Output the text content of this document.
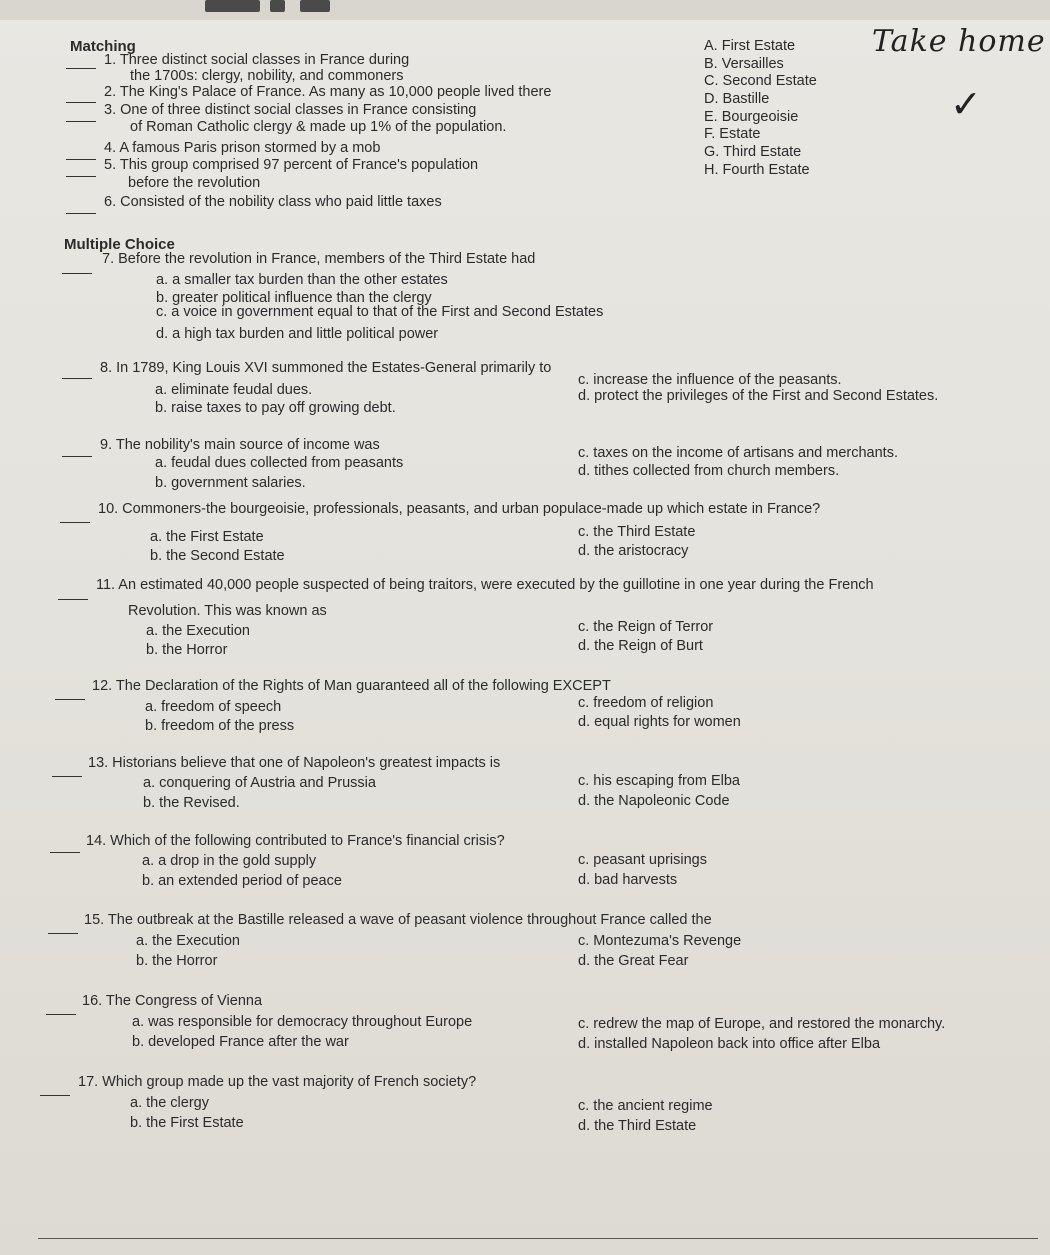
Matching
1. Three distinct social classes in France during
the 1700s: clergy, nobility, and commoners
2. The King's Palace of France. As many as 10,000 people lived there
3. One of three distinct social classes in France consisting
of Roman Catholic clergy & made up 1% of the population.
4. A famous Paris prison stormed by a mob
5. This group comprised 97 percent of France's population
before the revolution
6. Consisted of the nobility class who paid little taxes
A. First Estate
B. Versailles
C. Second Estate
D. Bastille
E. Bourgeoisie
F. Estate
G. Third Estate
H. Fourth Estate
Take home
✓
Multiple Choice
7. Before the revolution in France, members of the Third Estate had
a. a smaller tax burden than the other estates
b. greater political influence than the clergy
c. a voice in government equal to that of the First and Second Estates
d. a high tax burden and little political power
8. In 1789, King Louis XVI summoned the Estates-General primarily to
a. eliminate feudal dues.
b. raise taxes to pay off growing debt.
c. increase the influence of the peasants.
d. protect the privileges of the First and Second Estates.
9. The nobility's main source of income was
a. feudal dues collected from peasants
b. government salaries.
c. taxes on the income of artisans and merchants.
d. tithes collected from church members.
10. Commoners-the bourgeoisie, professionals, peasants, and urban populace-made up which estate in France?
a. the First Estate
b. the Second Estate
c. the Third Estate
d. the aristocracy
11. An estimated 40,000 people suspected of being traitors, were executed by the guillotine in one year during the French
Revolution. This was known as
a. the Execution
b. the Horror
c. the Reign of Terror
d. the Reign of Burt
12. The Declaration of the Rights of Man guaranteed all of the following EXCEPT
a. freedom of speech
b. freedom of the press
c. freedom of religion
d. equal rights for women
13. Historians believe that one of Napoleon's greatest impacts is
a. conquering of Austria and Prussia
b. the Revised.
c. his escaping from Elba
d. the Napoleonic Code
14. Which of the following contributed to France's financial crisis?
a. a drop in the gold supply
b. an extended period of peace
c. peasant uprisings
d. bad harvests
15. The outbreak at the Bastille released a wave of peasant violence throughout France called the
a. the Execution
b. the Horror
c. Montezuma's Revenge
d. the Great Fear
16. The Congress of Vienna
a. was responsible for democracy throughout Europe
b. developed France after the war
c. redrew the map of Europe, and restored the monarchy.
d. installed Napoleon back into office after Elba
17. Which group made up the vast majority of French society?
a. the clergy
b. the First Estate
c. the ancient regime
d. the Third Estate
